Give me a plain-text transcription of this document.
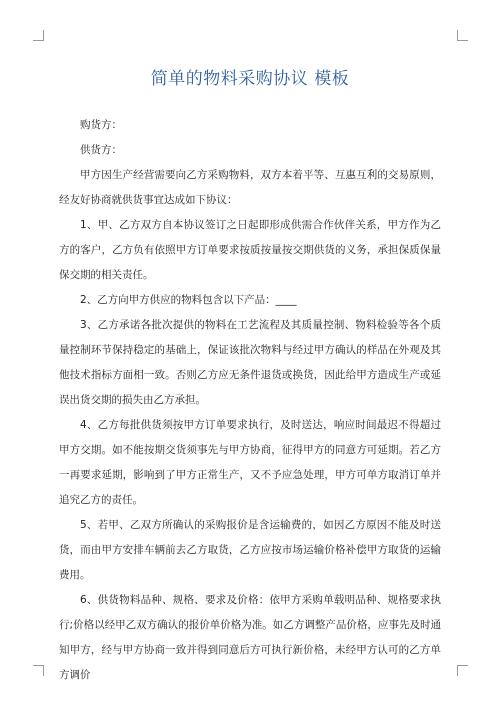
简单的物料采购协议 模板

购货方：

供货方：

甲方因生产经营需要向乙方采购物料，双方本着平等、互惠互利的交易原则，经友好协商就供货事宜达成如下协议：

1、甲、乙方双方自本协议签订之日起即形成供需合作伙伴关系，甲方作为乙方的客户，乙方负有依照甲方订单要求按质按量按交期供货的义务，承担保质保量保交期的相关责任。

2、乙方向甲方供应的物料包含以下产品：____

3、乙方承诺各批次提供的物料在工艺流程及其质量控制、物料检验等各个质量控制环节保持稳定的基础上，保证该批次物料与经过甲方确认的样品在外观及其他技术指标方面相一致。否则乙方应无条件退货或换货，因此给甲方造成生产或延误出货交期的损失由乙方承担。

4、乙方每批供货须按甲方订单要求执行，及时送达，响应时间最迟不得超过甲方交期。如不能按期交货须事先与甲方协商，征得甲方的同意方可延期。若乙方一再要求延期，影响到了甲方正常生产，又不予应急处理，甲方可单方取消订单并追究乙方的责任。

5、若甲、乙双方所确认的采购报价是含运输费的，如因乙方原因不能及时送货，而由甲方安排车辆前去乙方取货，乙方应按市场运输价格补偿甲方取货的运输费用。

6、供货物料品种、规格、要求及价格：依甲方采购单载明品种、规格要求执行;价格以经甲乙双方确认的报价单价格为准。如乙方调整产品价格，应事先及时通知甲方，经与甲方协商一致并得到同意后方可执行新价格，未经甲方认可的乙方单方调价
